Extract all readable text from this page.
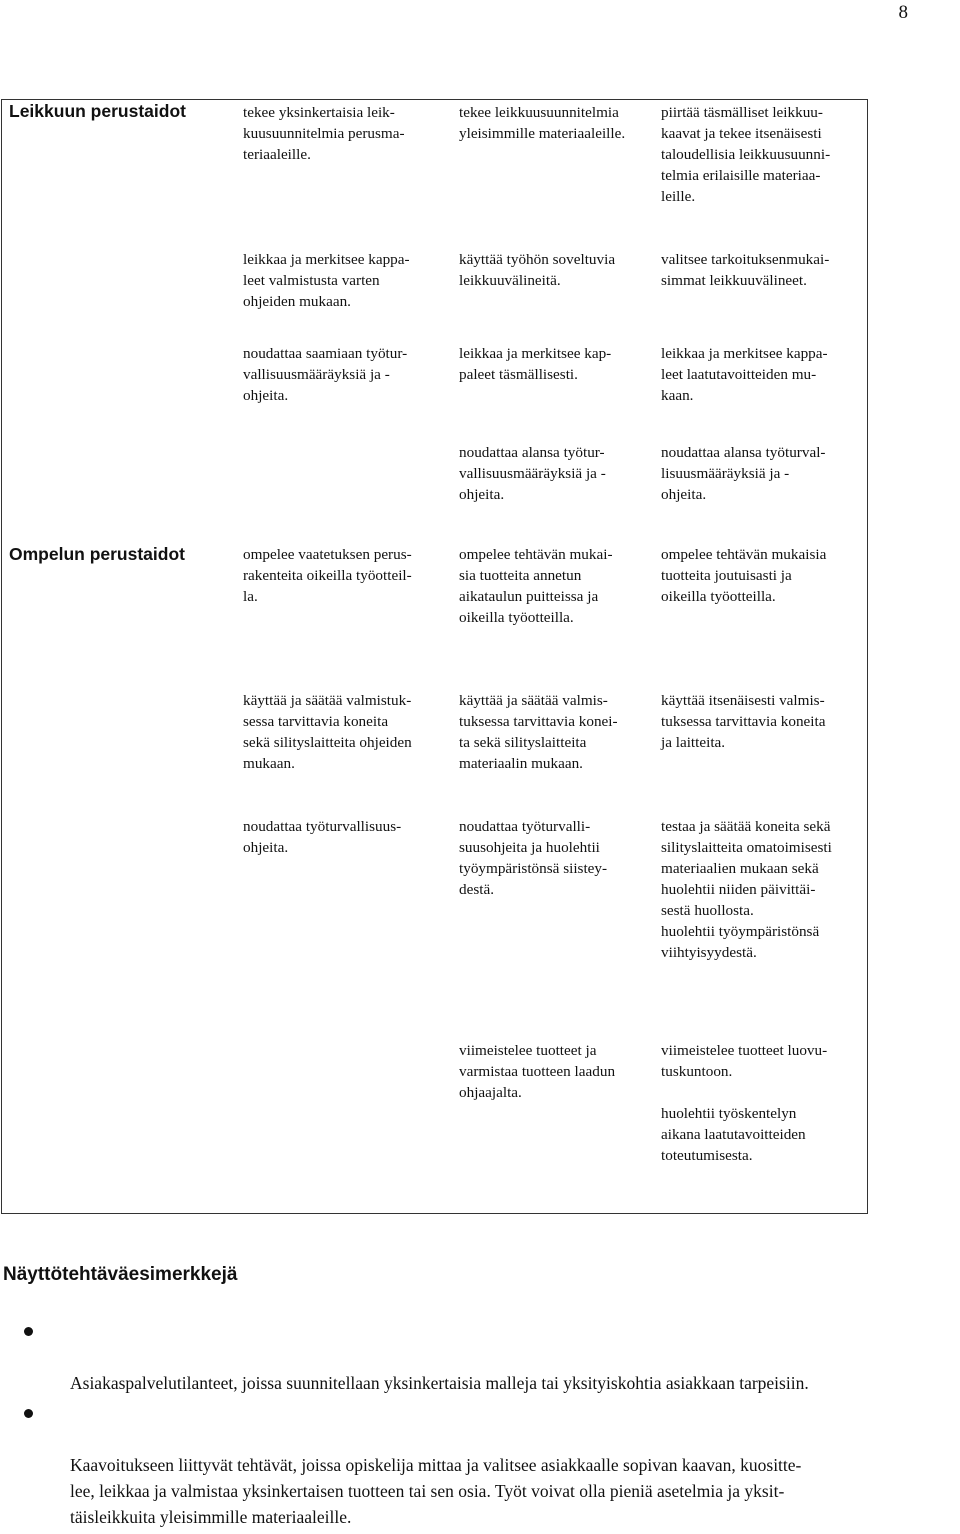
8
Leikkuun perustaidot	tekee yksinkertaisia leik-
kuusuunnitelmia perusma-
teriaaleille.
tekee leikkuusuunnitelmia
yleisimmille materiaaleille.
piirtää täsmälliset leikkuu-
kaavat ja tekee itsenäisesti
taloudellisia leikkuusuunni-
telmia erilaisille materiaa-
leille.
leikkaa ja merkitsee kappa-
leet valmistusta varten
ohjeiden mukaan.
käyttää työhön soveltuvia
leikkuuvälineitä.
valitsee tarkoituksenmukai-
simmat leikkuuvälineet.
noudattaa saamiaan työtur-
vallisuusmääräyksiä ja -
ohjeita.
leikkaa ja merkitsee kap-
paleet täsmällisesti.
leikkaa ja merkitsee kappa-
leet laatutavoitteiden mu-
kaan.
noudattaa alansa työtur-
vallisuusmääräyksiä ja -
ohjeita.
noudattaa alansa työturval-
lisuusmääräyksiä ja -
ohjeita.
Ompelun perustaidot	ompelee vaatetuksen perus-
rakenteita oikeilla työotteil-
la.
ompelee tehtävän mukai-
sia tuotteita annetun
aikataulun puitteissa ja
oikeilla työotteilla.
ompelee tehtävän mukaisia
tuotteita joutuisasti ja
oikeilla työotteilla.
käyttää ja säätää valmistuk-
sessa tarvittavia koneita
sekä silityslaitteita ohjeiden
mukaan.
käyttää ja säätää valmis-
tuksessa tarvittavia konei-
ta sekä silityslaitteita
materiaalin mukaan.
käyttää itsenäisesti valmis-
tuksessa tarvittavia koneita
ja laitteita.
noudattaa työturvallisuus-
ohjeita.
noudattaa työturvalli-
suusohjeita ja huolehtii
työympäristönsä siistey-
destä.
testaa ja säätää koneita sekä
silityslaitteita omatoimisesti
materiaalien mukaan sekä
huolehtii niiden päivittäi-
sestä huollosta.
huolehtii työympäristönsä
viihtyisyydestä.
viimeistelee tuotteet ja
varmistaa tuotteen laadun
ohjaajalta.
viimeistelee tuotteet luovu-
tuskuntoon.

huolehtii työskentelyn
aikana laatutavoitteiden
toteutumisesta.
Näyttötehtäväesimerkkejä

Asiakaspalvelutilanteet, joissa suunnitellaan yksinkertaisia malleja tai yksityiskohtia asiakkaan tarpeisiin.

Kaavoitukseen liittyvät tehtävät, joissa opiskelija mittaa ja valitsee asiakkaalle sopivan kaavan, kuositte-
lee, leikkaa ja valmistaa yksinkertaisen tuotteen tai sen osia. Työt voivat olla pieniä asetelmia ja yksit-
täisleikkuita yleisimmille materiaaleille.
